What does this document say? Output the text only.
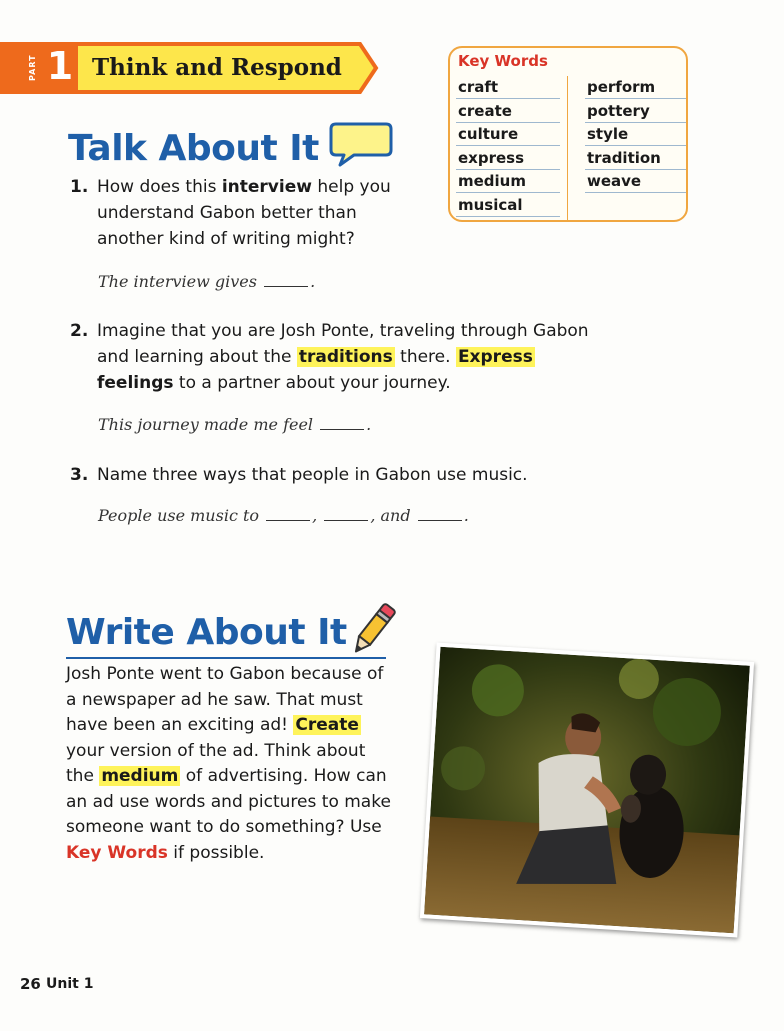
PART 1 Think and Respond	Key Words
craft
create
culture
express
medium
musical
perform
pottery
style
tradition
weave
Talk About It
1. How does this interview help you understand Gabon better than another kind of writing might?
The interview gives	.
2. Imagine that you are Josh Ponte, traveling through Gabon and learning about the traditions there. Express feelings to a partner about your journey.
This journey made me feel	.
3. Name three ways that people in Gabon use music.
People use music to	,	, and	.
Write About It
Josh Ponte went to Gabon because of a newspaper ad he saw. That must have been an exciting ad! Create your version of the ad. Think about the medium of advertising. How can an ad use words and pictures to make someone want to do something? Use Key Words if possible.
26 Unit 1
